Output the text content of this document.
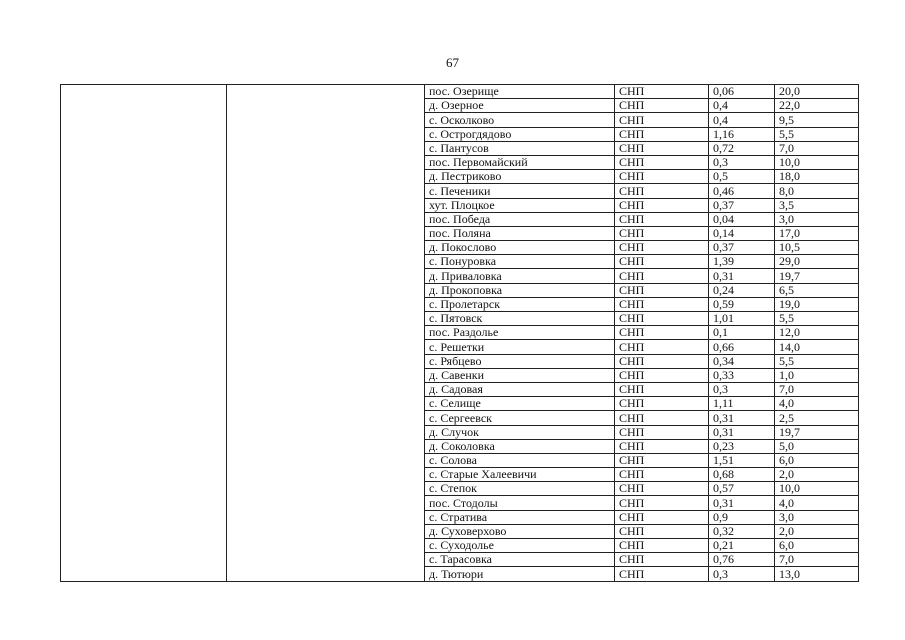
67
		пос. Озерище	СНП	0,06	20,0
		д. Озерное	СНП	0,4	22,0
		с. Осколково	СНП	0,4	9,5
		с. Острогдядово	СНП	1,16	5,5
		с. Пантусов	СНП	0,72	7,0
		пос. Первомайский	СНП	0,3	10,0
		д. Пестриково	СНП	0,5	18,0
		с. Печеники	СНП	0,46	8,0
		хут. Плоцкое	СНП	0,37	3,5
		пос. Победа	СНП	0,04	3,0
		пос. Поляна	СНП	0,14	17,0
		д. Покослово	СНП	0,37	10,5
		с. Понуровка	СНП	1,39	29,0
		д. Приваловка	СНП	0,31	19,7
		д. Прокоповка	СНП	0,24	6,5
		с. Пролетарск	СНП	0,59	19,0
		с. Пятовск	СНП	1,01	5,5
		пос. Раздолье	СНП	0,1	12,0
		с. Решетки	СНП	0,66	14,0
		с. Рябцево	СНП	0,34	5,5
		д. Савенки	СНП	0,33	1,0
		д. Садовая	СНП	0,3	7,0
		с. Селище	СНП	1,11	4,0
		с. Сергеевск	СНП	0,31	2,5
		д. Случок	СНП	0,31	19,7
		д. Соколовка	СНП	0,23	5,0
		с. Солова	СНП	1,51	6,0
		с. Старые Халеевичи	СНП	0,68	2,0
		с. Степок	СНП	0,57	10,0
		пос. Стодолы	СНП	0,31	4,0
		с. Стратива	СНП	0,9	3,0
		д. Суховерхово	СНП	0,32	2,0
		с. Суходолье	СНП	0,21	6,0
		с. Тарасовка	СНП	0,76	7,0
		д. Тютюри	СНП	0,3	13,0
